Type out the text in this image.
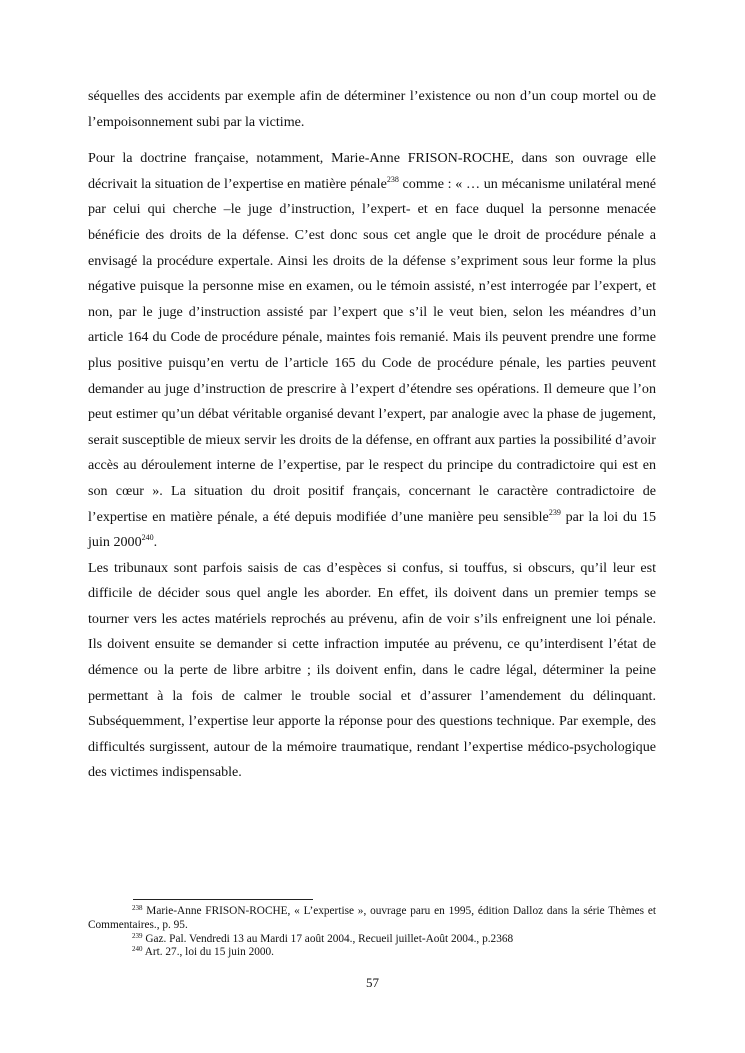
séquelles des accidents par exemple afin de déterminer l’existence ou non d’un coup mortel ou de l’empoisonnement subi par la victime.

Pour la doctrine française, notamment, Marie-Anne FRISON-ROCHE, dans son ouvrage elle décrivait la situation de l’expertise en matière pénale$^{238}$ comme : « … un mécanisme unilatéral mené par celui qui cherche –le juge d’instruction, l’expert- et en face duquel la personne menacée bénéficie des droits de la défense. C’est donc sous cet angle que le droit de procédure pénale a envisagé la procédure expertale. Ainsi les droits de la défense s’expriment sous leur forme la plus négative puisque la personne mise en examen, ou le témoin assisté, n’est interrogée par l’expert, et non, par le juge d’instruction assisté par l’expert que s’il le veut bien, selon les méandres d’un article 164 du Code de procédure pénale, maintes fois remanié. Mais ils peuvent prendre une forme plus positive puisqu’en vertu de l’article 165 du Code de procédure pénale, les parties peuvent demander au juge d’instruction de prescrire à l’expert d’étendre ses opérations. Il demeure que l’on peut estimer qu’un débat véritable organisé devant l’expert, par analogie avec la phase de jugement, serait susceptible de mieux servir les droits de la défense, en offrant aux parties la possibilité d’avoir accès au déroulement interne de l’expertise, par le respect du principe du contradictoire qui est en son cœur ». La situation du droit positif français, concernant le caractère contradictoire de l’expertise en matière pénale, a été depuis modifiée d’une manière peu sensible$^{239}$ par la loi du 15 juin 2000$^{240}$.

Les tribunaux sont parfois saisis de cas d’espèces si confus, si touffus, si obscurs, qu’il leur est difficile de décider sous quel angle les aborder. En effet, ils doivent dans un premier temps se tourner vers les actes matériels reprochés au prévenu, afin de voir s’ils enfreignent une loi pénale. Ils doivent ensuite se demander si cette infraction imputée au prévenu, ce qu’interdisent l’état de démence ou la perte de libre arbitre ; ils doivent enfin, dans le cadre légal, déterminer la peine permettant à la fois de calmer le trouble social et d’assurer l’amendement du délinquant. Subséquemment, l’expertise leur apporte la réponse pour des questions technique. Par exemple, des difficultés surgissent, autour de la mémoire traumatique, rendant l’expertise médico-psychologique des victimes indispensable.

$^{238}$ Marie-Anne FRISON-ROCHE, « L’expertise », ouvrage paru en 1995, édition Dalloz dans la série Thèmes et Commentaires., p. 95.

$^{239}$ Gaz. Pal. Vendredi 13 au Mardi 17 août 2004., Recueil juillet-Août 2004., p.2368

$^{240}$ Art. 27., loi du 15 juin 2000.

57
